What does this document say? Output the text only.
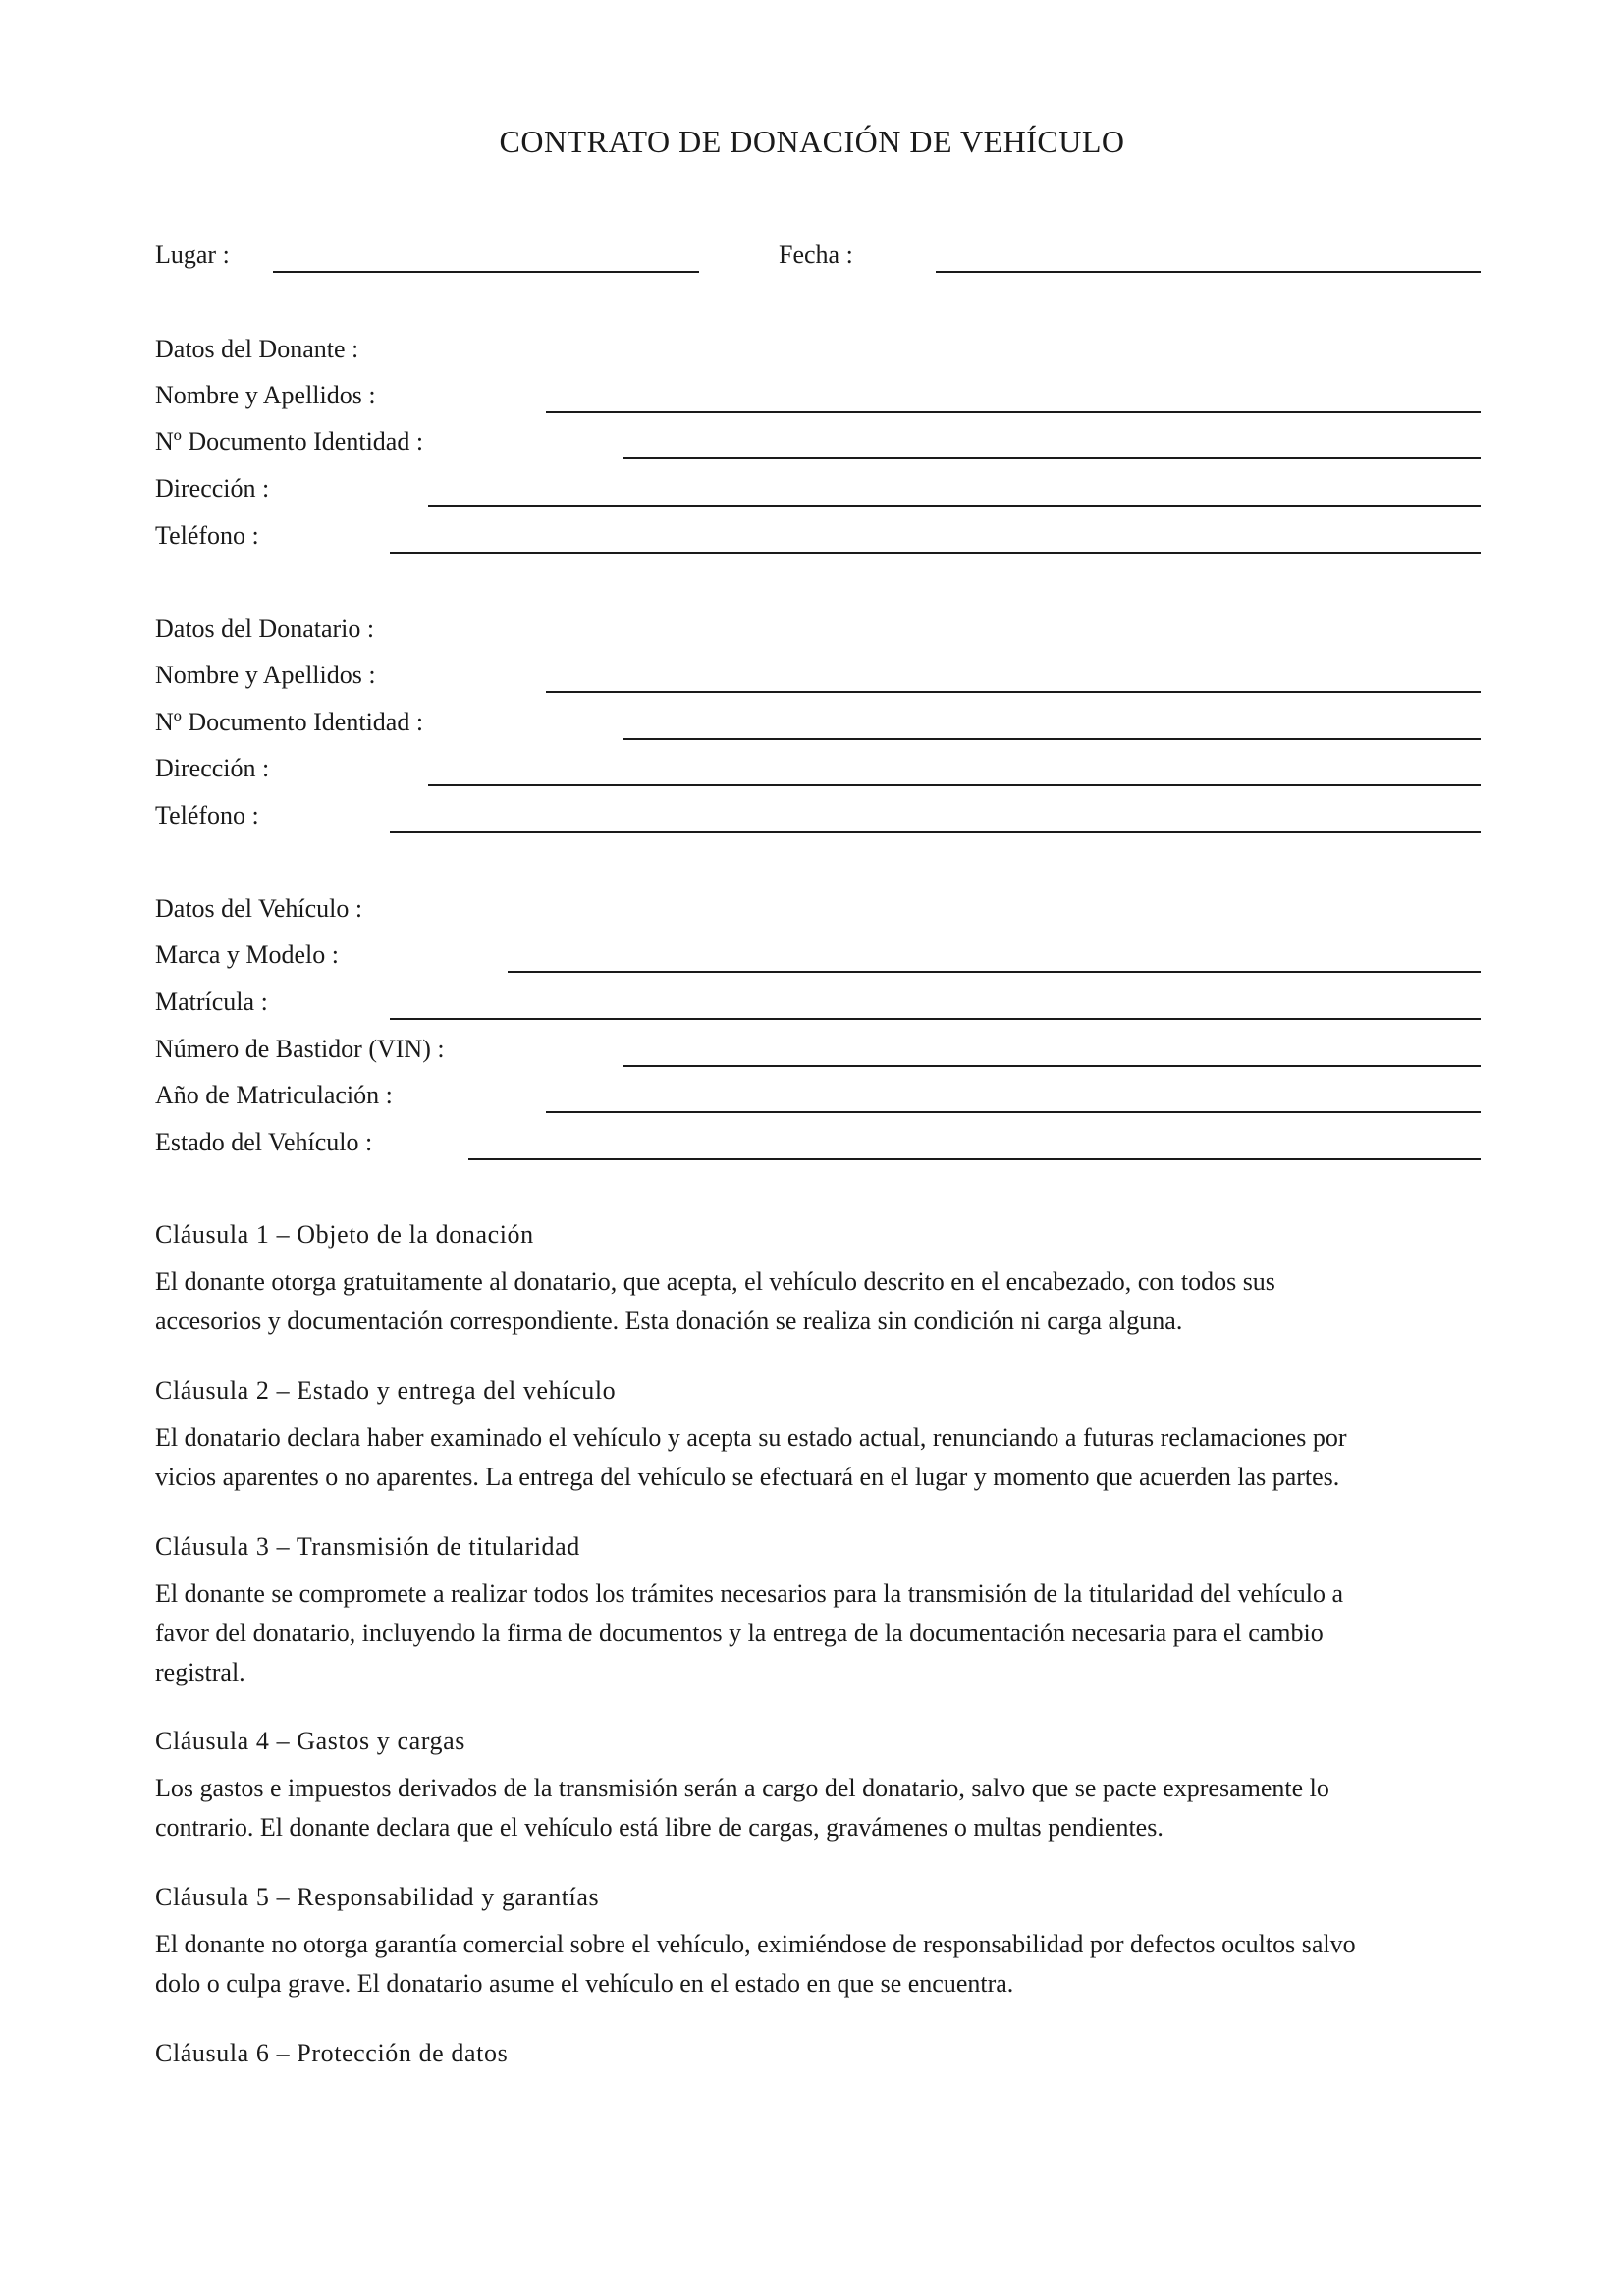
CONTRATO DE DONACIÓN DE VEHÍCULO
Lugar :	Fecha :
Datos del Donante :
Nombre y Apellidos :
Nº Documento Identidad :
Dirección :
Teléfono :
Datos del Donatario :
Nombre y Apellidos :
Nº Documento Identidad :
Dirección :
Teléfono :
Datos del Vehículo :
Marca y Modelo :
Matrícula :
Número de Bastidor (VIN) :
Año de Matriculación :
Estado del Vehículo :
Cláusula 1 – Objeto de la donación
El donante otorga gratuitamente al donatario, que acepta, el vehículo descrito en el encabezado, con todos sus
accesorios y documentación correspondiente. Esta donación se realiza sin condición ni carga alguna.
Cláusula 2 – Estado y entrega del vehículo
El donatario declara haber examinado el vehículo y acepta su estado actual, renunciando a futuras reclamaciones por
vicios aparentes o no aparentes. La entrega del vehículo se efectuará en el lugar y momento que acuerden las partes.
Cláusula 3 – Transmisión de titularidad
El donante se compromete a realizar todos los trámites necesarios para la transmisión de la titularidad del vehículo a
favor del donatario, incluyendo la firma de documentos y la entrega de la documentación necesaria para el cambio
registral.
Cláusula 4 – Gastos y cargas
Los gastos e impuestos derivados de la transmisión serán a cargo del donatario, salvo que se pacte expresamente lo
contrario. El donante declara que el vehículo está libre de cargas, gravámenes o multas pendientes.
Cláusula 5 – Responsabilidad y garantías
El donante no otorga garantía comercial sobre el vehículo, eximiéndose de responsabilidad por defectos ocultos salvo
dolo o culpa grave. El donatario asume el vehículo en el estado en que se encuentra.
Cláusula 6 – Protección de datos
